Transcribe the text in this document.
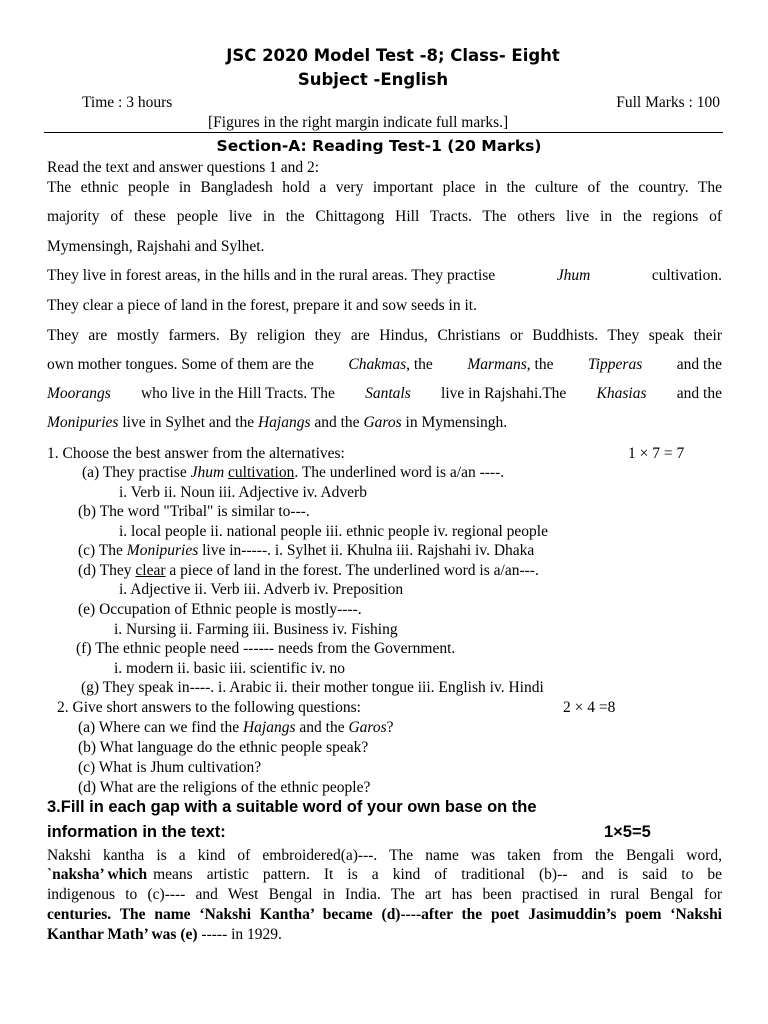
JSC 2020 Model Test -8; Class- Eight
Subject -English
Time : 3 hours	Full Marks : 100
[Figures in the right margin indicate full marks.]
Section-A: Reading Test-1 (20 Marks)
Read the text and answer questions 1 and 2:
The ethnic people in Bangladesh hold a very important place in the culture of the country. The
majority of these people live in the Chittagong Hill Tracts. The others live in the regions of
Mymensingh, Rajshahi and Sylhet.
They live in forest areas, in the hills and in the rural areas. They practise	Jhum	cultivation.
They clear a piece of land in the forest, prepare it and sow seeds in it.
They are mostly farmers. By religion they are Hindus, Christians or Buddhists. They speak their
own mother tongues. Some of them are the Chakmas, the Marmans, the Tipperas and the
Moorangs who live in the Hill Tracts. The Santals live in Rajshahi.The Khasias and the
Monipuries live in Sylhet and the Hajangs and the Garos in Mymensingh.
1. Choose the best answer from the alternatives:	1 × 7 = 7
(a) They practise Jhum cultivation. The underlined word is a/an ----.
i. Verb ii. Noun iii. Adjective iv. Adverb
(b) The word "Tribal" is similar to---.
i. local people ii. national people iii. ethnic people iv. regional people
(c) The Monipuries live in-----. i. Sylhet ii. Khulna iii. Rajshahi iv. Dhaka
(d) They clear a piece of land in the forest. The underlined word is a/an---.
i. Adjective ii. Verb iii. Adverb iv. Preposition
(e) Occupation of Ethnic people is mostly----.
i. Nursing ii. Farming iii. Business iv. Fishing
(f) The ethnic people need ------ needs from the Government.
i. modern ii. basic iii. scientific iv. no
(g) They speak in----. i. Arabic ii. their mother tongue iii. English iv. Hindi
2. Give short answers to the following questions:	2 × 4 =8
(a) Where can we find the Hajangs and the Garos?
(b) What language do the ethnic people speak?
(c) What is Jhum cultivation?
(d) What are the religions of the ethnic people?
3.Fill in each gap with a suitable word of your own base on the
information in the text:	1×5=5
Nakshi kantha is a kind of embroidered(a)---. The name was taken from the Bengali word,
`naksha’ which means artistic pattern. It is a kind of traditional (b)-- and is said to be
indigenous to (c)---- and West Bengal in India. The art has been practised in rural Bengal for
centuries. The name ‘Nakshi Kantha’ became (d)----after the poet Jasimuddin’s poem ‘Nakshi
Kanthar Math’ was (e) ----- in 1929.
